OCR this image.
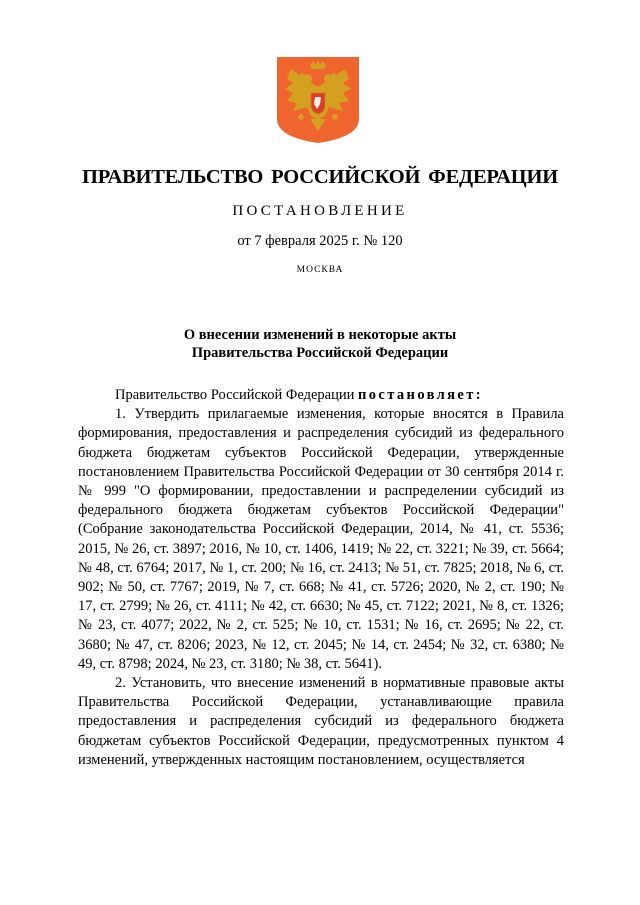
ПРАВИТЕЛЬСТВО РОССИЙСКОЙ ФЕДЕРАЦИИ
ПОСТАНОВЛЕНИЕ
от 7 февраля 2025 г. № 120
МОСКВА
О внесении изменений в некоторые акты
Правительства Российской Федерации

Правительство Российской Федерации постановляет:

1. Утвердить прилагаемые изменения, которые вносятся в Правила формирования, предоставления и распределения субсидий из федерального бюджета бюджетам субъектов Российской Федерации, утвержденные постановлением Правительства Российской Федерации от 30 сентября 2014 г. № 999 "О формировании, предоставлении и распределении субсидий из федерального бюджета бюджетам субъектов Российской Федерации" (Собрание законодательства Российской Федерации, 2014, № 41, ст. 5536; 2015, № 26, ст. 3897; 2016, № 10, ст. 1406, 1419; № 22, ст. 3221; № 39, ст. 5664; № 48, ст. 6764; 2017, № 1, ст. 200; № 16, ст. 2413; № 51, ст. 7825; 2018, № 6, ст. 902; № 50, ст. 7767; 2019, № 7, ст. 668; № 41, ст. 5726; 2020, № 2, ст. 190; № 17, ст. 2799; № 26, ст. 4111; № 42, ст. 6630; № 45, ст. 7122; 2021, № 8, ст. 1326; № 23, ст. 4077; 2022, № 2, ст. 525; № 10, ст. 1531; № 16, ст. 2695; № 22, ст. 3680; № 47, ст. 8206; 2023, № 12, ст. 2045; № 14, ст. 2454; № 32, ст. 6380; № 49, ст. 8798; 2024, № 23, ст. 3180; № 38, ст. 5641).

2. Установить, что внесение изменений в нормативные правовые акты Правительства Российской Федерации, устанавливающие правила предоставления и распределения субсидий из федерального бюджета бюджетам субъектов Российской Федерации, предусмотренных пунктом 4 изменений, утвержденных настоящим постановлением, осуществляется
